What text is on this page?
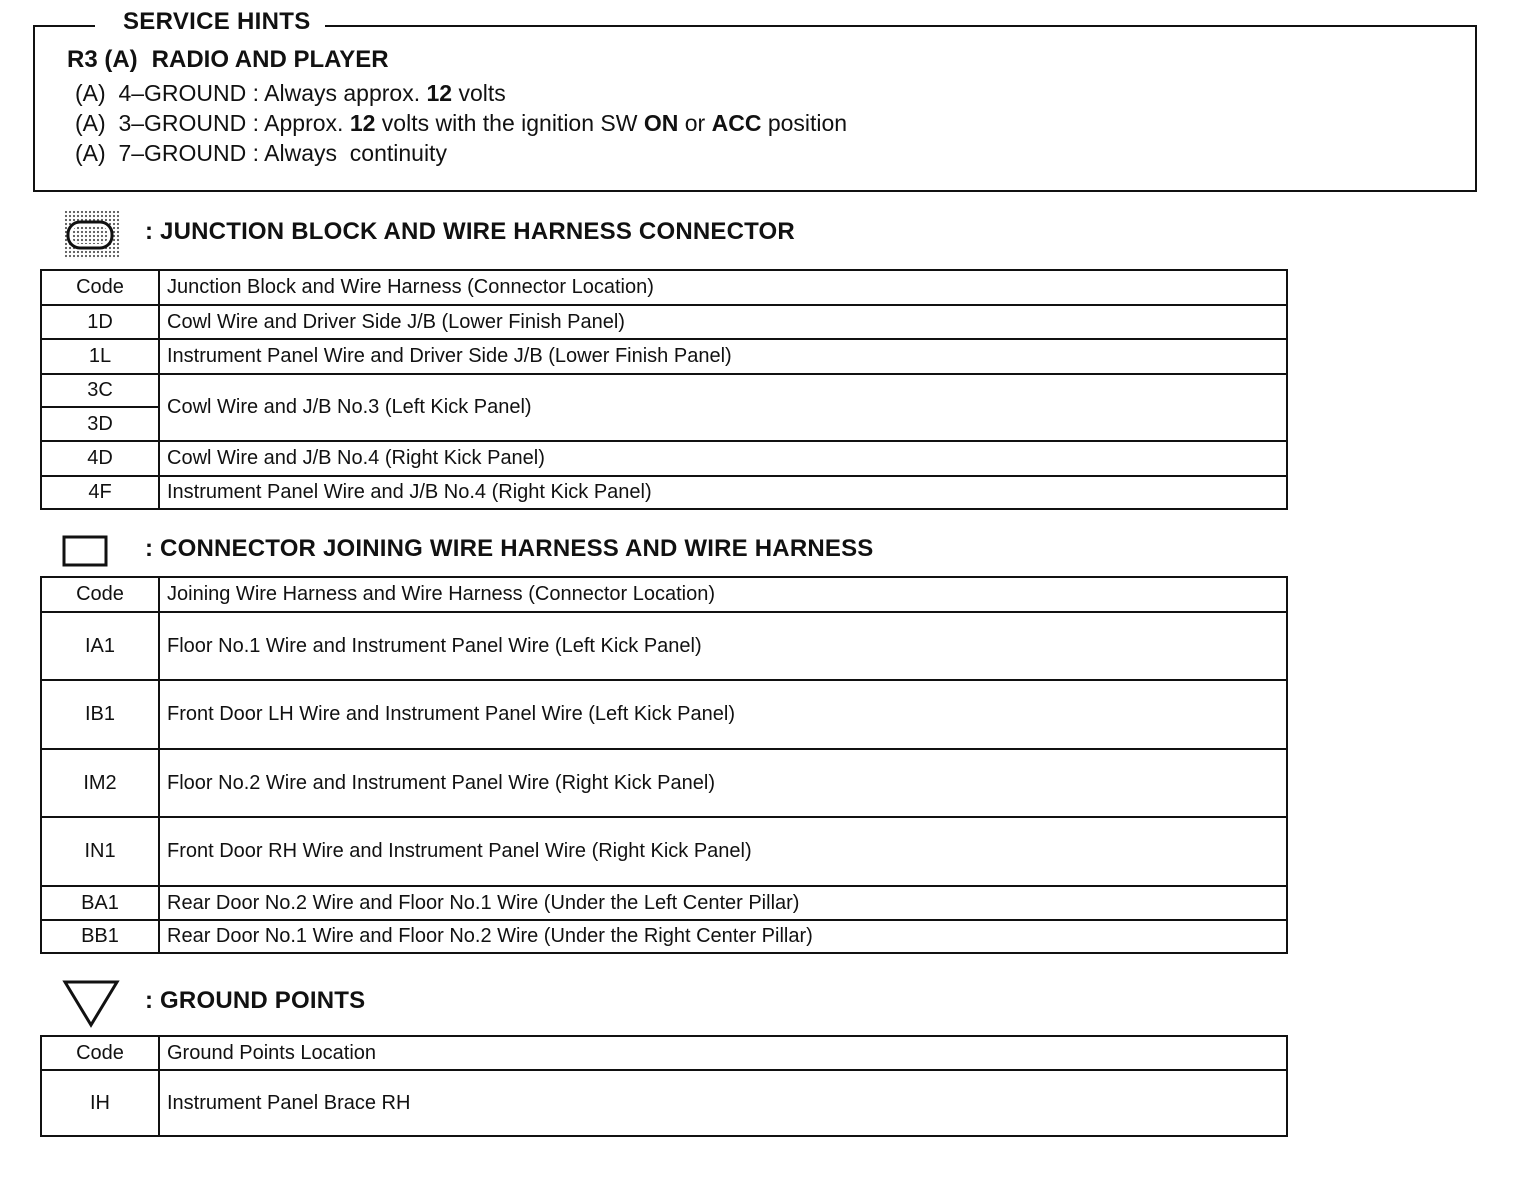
SERVICE HINTS
R3 (A) RADIO AND PLAYER
(A)  4–GROUND : Always approx. 12 volts
(A)  3–GROUND : Approx. 12 volts with the ignition SW ON or ACC position
(A)  7–GROUND : Always  continuity
: JUNCTION BLOCK AND WIRE HARNESS CONNECTOR
Code	Junction Block and Wire Harness (Connector Location)
1D	Cowl Wire and Driver Side J/B (Lower Finish Panel)
1L	Instrument Panel Wire and Driver Side J/B (Lower Finish Panel)
3C	Cowl Wire and J/B No.3 (Left Kick Panel)
3D	
4D	Cowl Wire and J/B No.4 (Right Kick Panel)
4F	Instrument Panel Wire and J/B No.4 (Right Kick Panel)
: CONNECTOR JOINING WIRE HARNESS AND WIRE HARNESS
Code	Joining Wire Harness and Wire Harness (Connector Location)
IA1	Floor No.1 Wire and Instrument Panel Wire (Left Kick Panel)
IB1	Front Door LH Wire and Instrument Panel Wire (Left Kick Panel)
IM2	Floor No.2 Wire and Instrument Panel Wire (Right Kick Panel)
IN1	Front Door RH Wire and Instrument Panel Wire (Right Kick Panel)
BA1	Rear Door No.2 Wire and Floor No.1 Wire (Under the Left Center Pillar)
BB1	Rear Door No.1 Wire and Floor No.2 Wire (Under the Right Center Pillar)
: GROUND POINTS
Code	Ground Points Location
IH	Instrument Panel Brace RH
